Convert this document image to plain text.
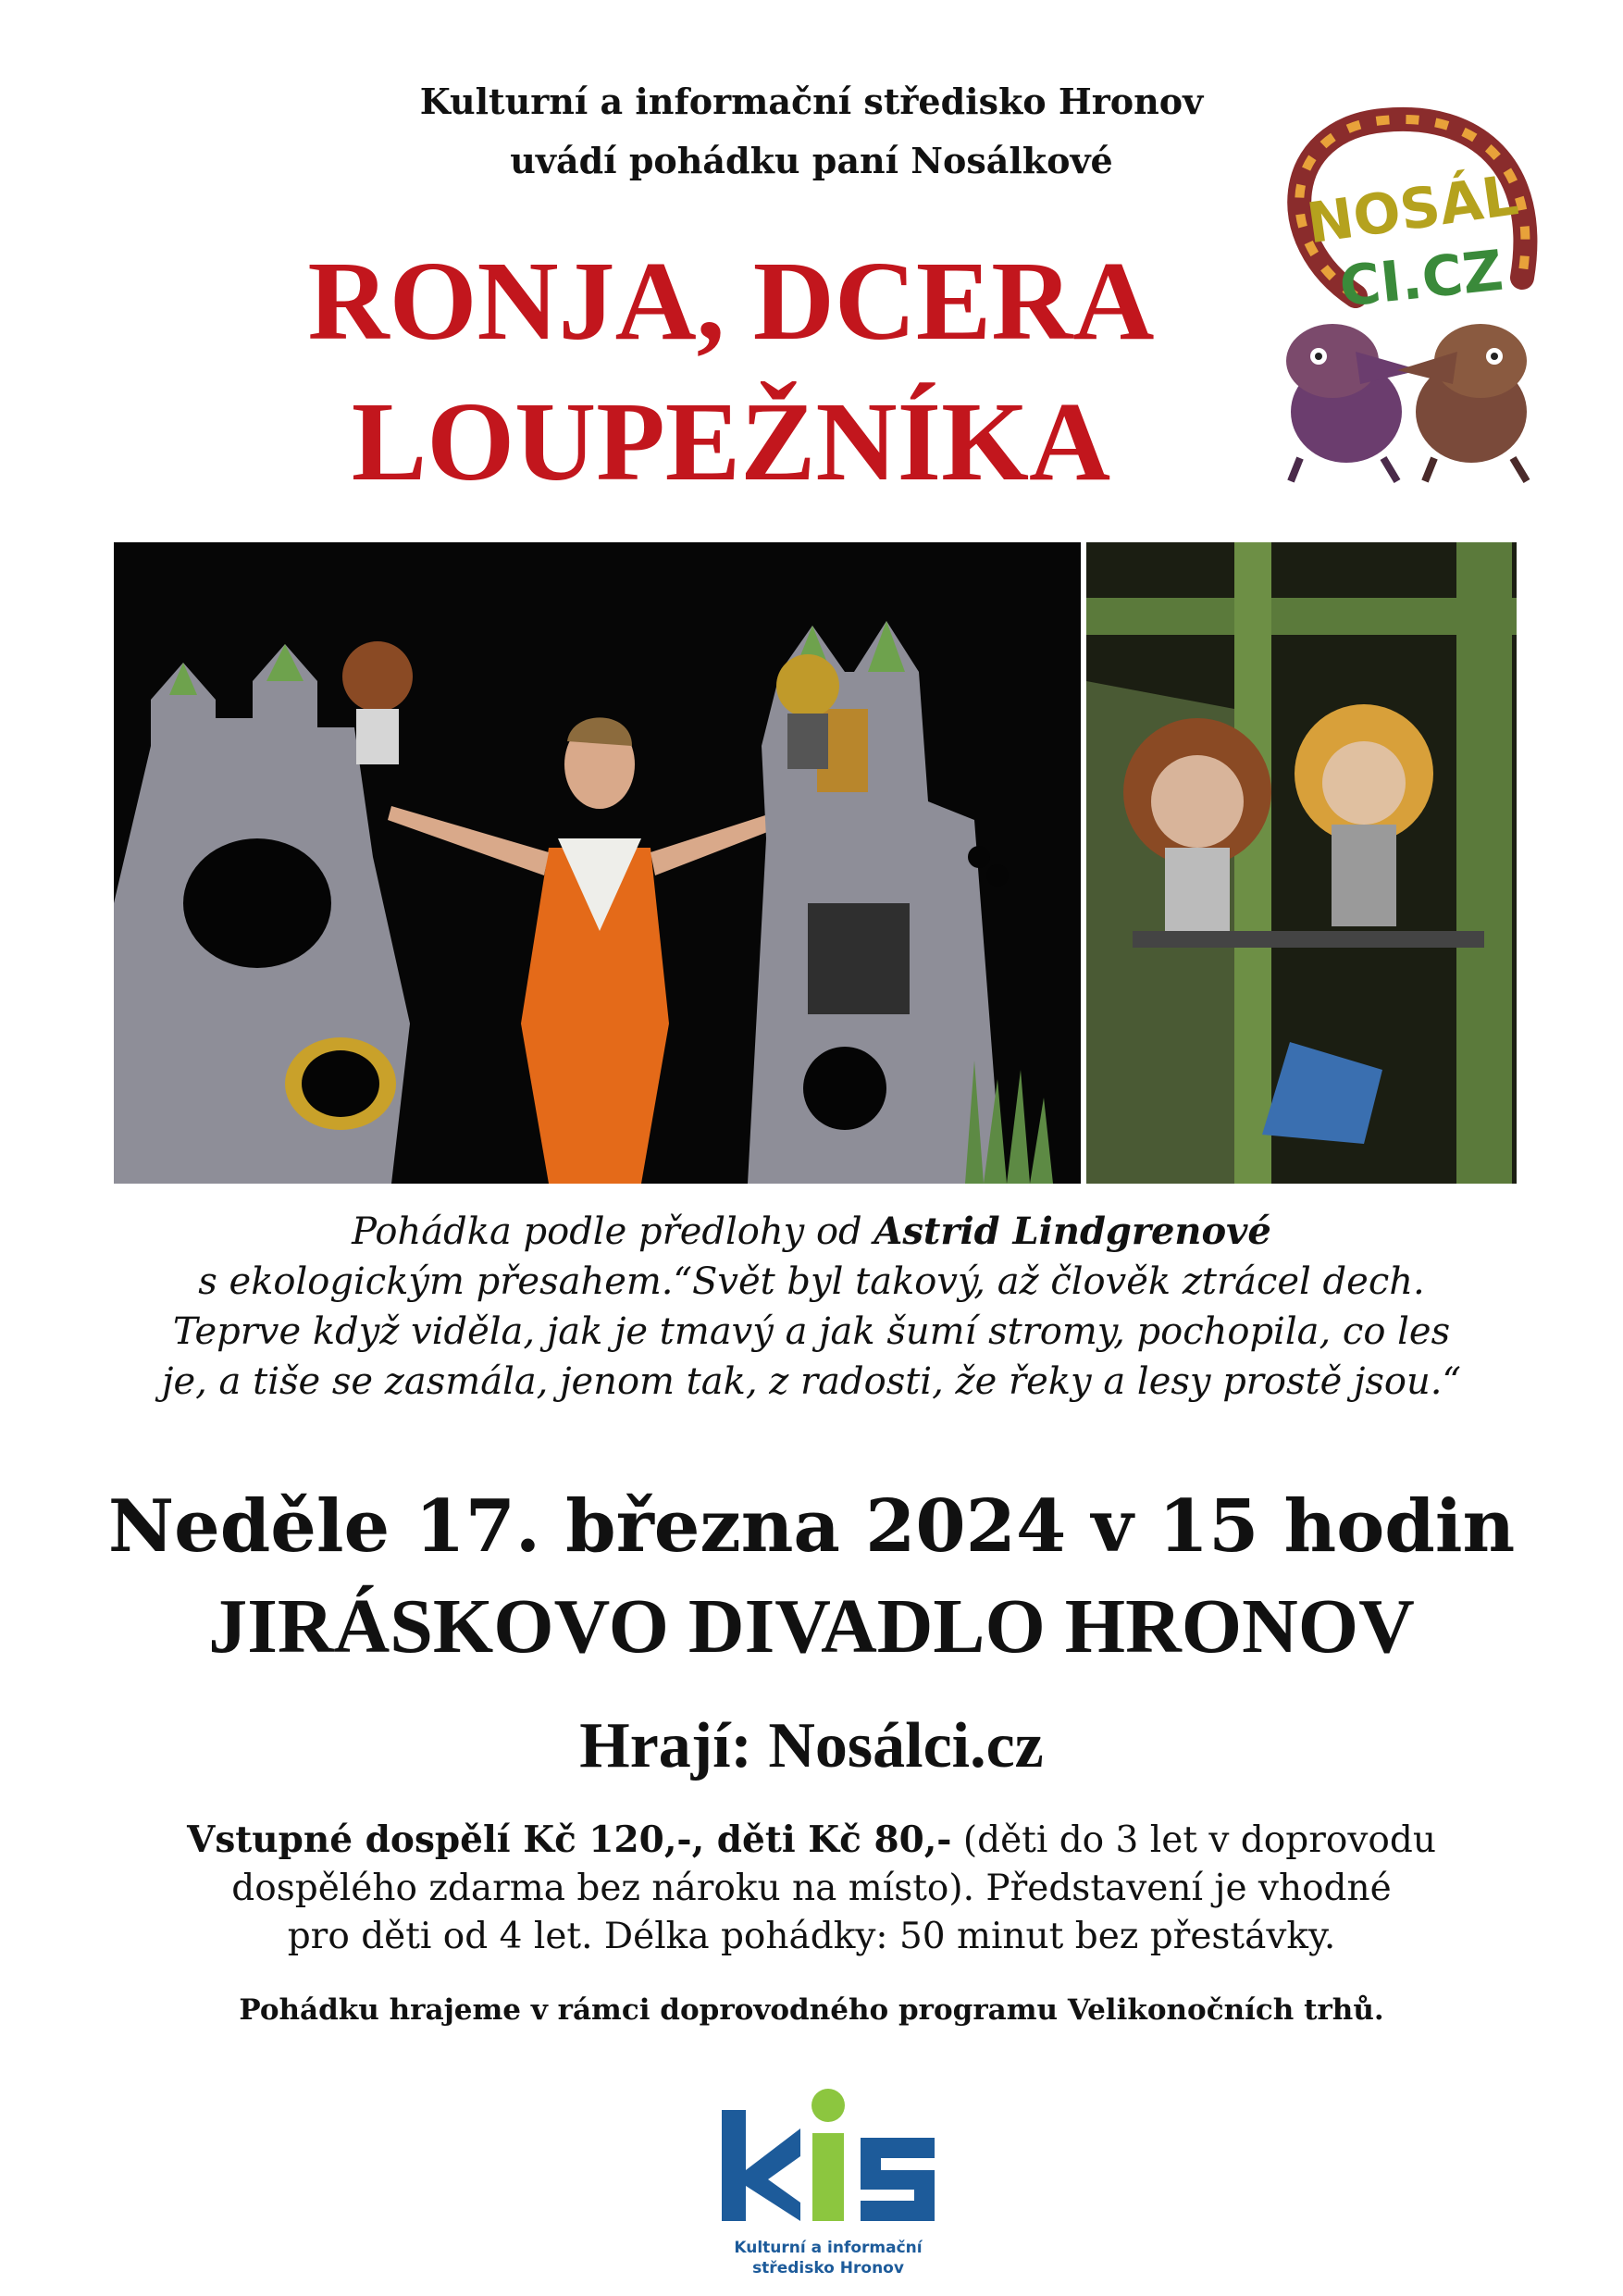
Kulturní a informační středisko Hronov
uvádí pohádku paní Nosálkové
RONJA, DCERA
LOUPEŽNÍKA
NOSÁL
CI.CZ
Pohádka podle předlohy od Astrid Lindgrenové
s ekologickým přesahem.“Svět byl takový, až člověk ztrácel dech.
Teprve když viděla, jak je tmavý a jak šumí stromy, pochopila, co les
je, a tiše se zasmála, jenom tak, z radosti, že řeky a lesy prostě jsou.“
Neděle 17. března 2024 v 15 hodin
JIRÁSKOVO DIVADLO HRONOV
Hrají: Nosálci.cz
Vstupné dospělí Kč 120,-, děti Kč 80,- (děti do 3 let v doprovodu
dospělého zdarma bez nároku na místo). Představení je vhodné
pro děti od 4 let. Délka pohádky: 50 minut bez přestávky.
Pohádku hrajeme v rámci doprovodného programu Velikonočních trhů.
Kulturní a informační
středisko Hronov
